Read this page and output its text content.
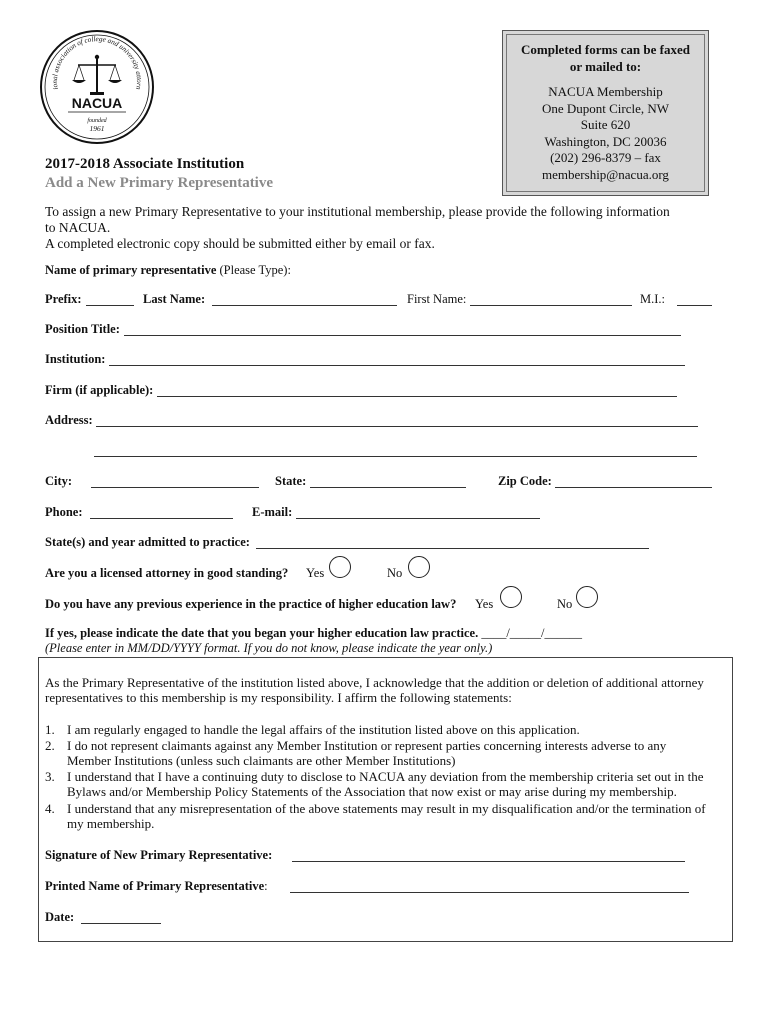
ional association of college and university attorn
NACUA
founded
1961
Completed forms can be faxed
or mailed to:
NACUA Membership
One Dupont Circle, NW
Suite 620
Washington, DC 20036
(202) 296-8379 – fax
membership@nacua.org
2017-2018 Associate Institution
Add a New Primary Representative
To assign a new Primary Representative to your institutional membership, please provide the following information
to NACUA.
A completed electronic copy should be submitted either by email or fax.
Name of primary representative (Please Type):
Prefix:	Last Name:	First Name:	M.I.:
Position Title:
Institution:
Firm (if applicable):
Address:
City:	State:	Zip Code:
Phone:	E-mail:
State(s) and year admitted to practice:
Are you a licensed attorney in good standing? Yes	No
Do you have any previous experience in the practice of higher education law? Yes	No
If yes, please indicate the date that you began your higher education law practice. ____/_____/______
(Please enter in MM/DD/YYYY format. If you do not know, please indicate the year only.)
As the Primary Representative of the institution listed above, I acknowledge that the addition or deletion of additional attorney
representatives to this membership is my responsibility. I affirm the following statements:
1. I am regularly engaged to handle the legal affairs of the institution listed above on this application.
2. I do not represent claimants against any Member Institution or represent parties concerning interests adverse to any
Member Institutions (unless such claimants are other Member Institutions)
3. I understand that I have a continuing duty to disclose to NACUA any deviation from the membership criteria set out in the
Bylaws and/or Membership Policy Statements of the Association that now exist or may arise during my membership.
4. I understand that any misrepresentation of the above statements may result in my disqualification and/or the termination of
my membership.
Signature of New Primary Representative:
Printed Name of Primary Representative:
Date:
